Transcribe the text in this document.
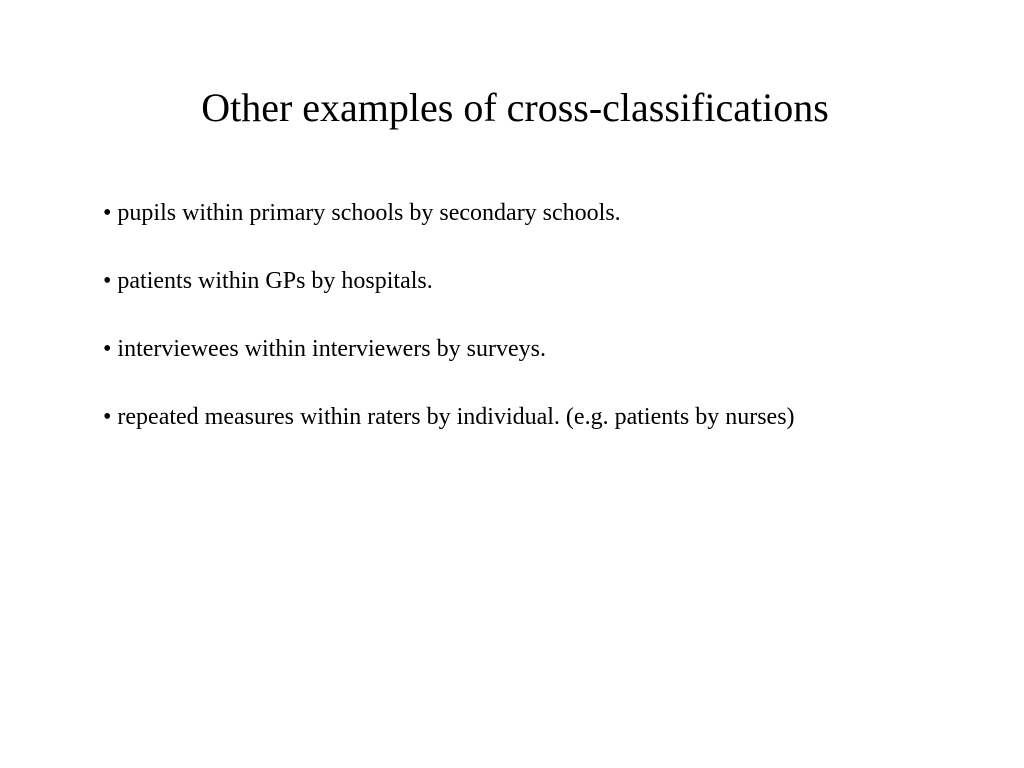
Other examples of cross-classifications
• pupils within primary schools by secondary schools.
• patients within GPs by hospitals.
• interviewees within interviewers by surveys.
• repeated measures within raters by individual. (e.g. patients by nurses)
